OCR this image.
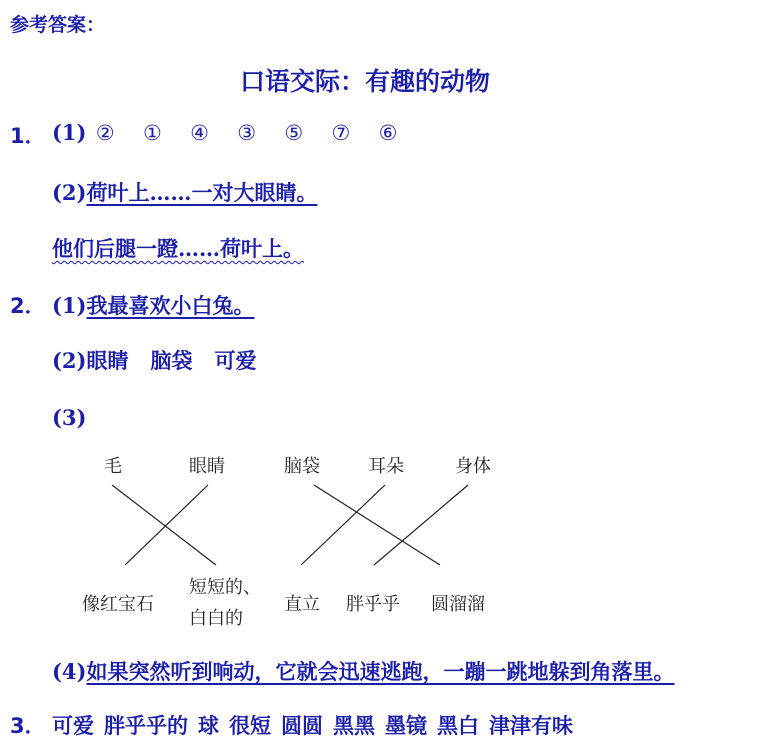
参考答案：
口语交际：有趣的动物
1． (1) ② ① ④ ③ ⑤ ⑦ ⑥
(2)荷叶上……一对大眼睛。
他们后腿一蹬……荷叶上。
2． (1)我最喜欢小白兔。
(2)眼睛 脑袋 可爱
(3)
毛	眼睛	脑袋	耳朵	身体
像红宝石
短短的、
白白的
直立 胖乎乎 圆溜溜
(4)如果突然听到响动，它就会迅速逃跑，一蹦一跳地躲到角落里。
3． 可爱 胖乎乎的 球 很短 圆圆 黑黑 墨镜 黑白 津津有味
